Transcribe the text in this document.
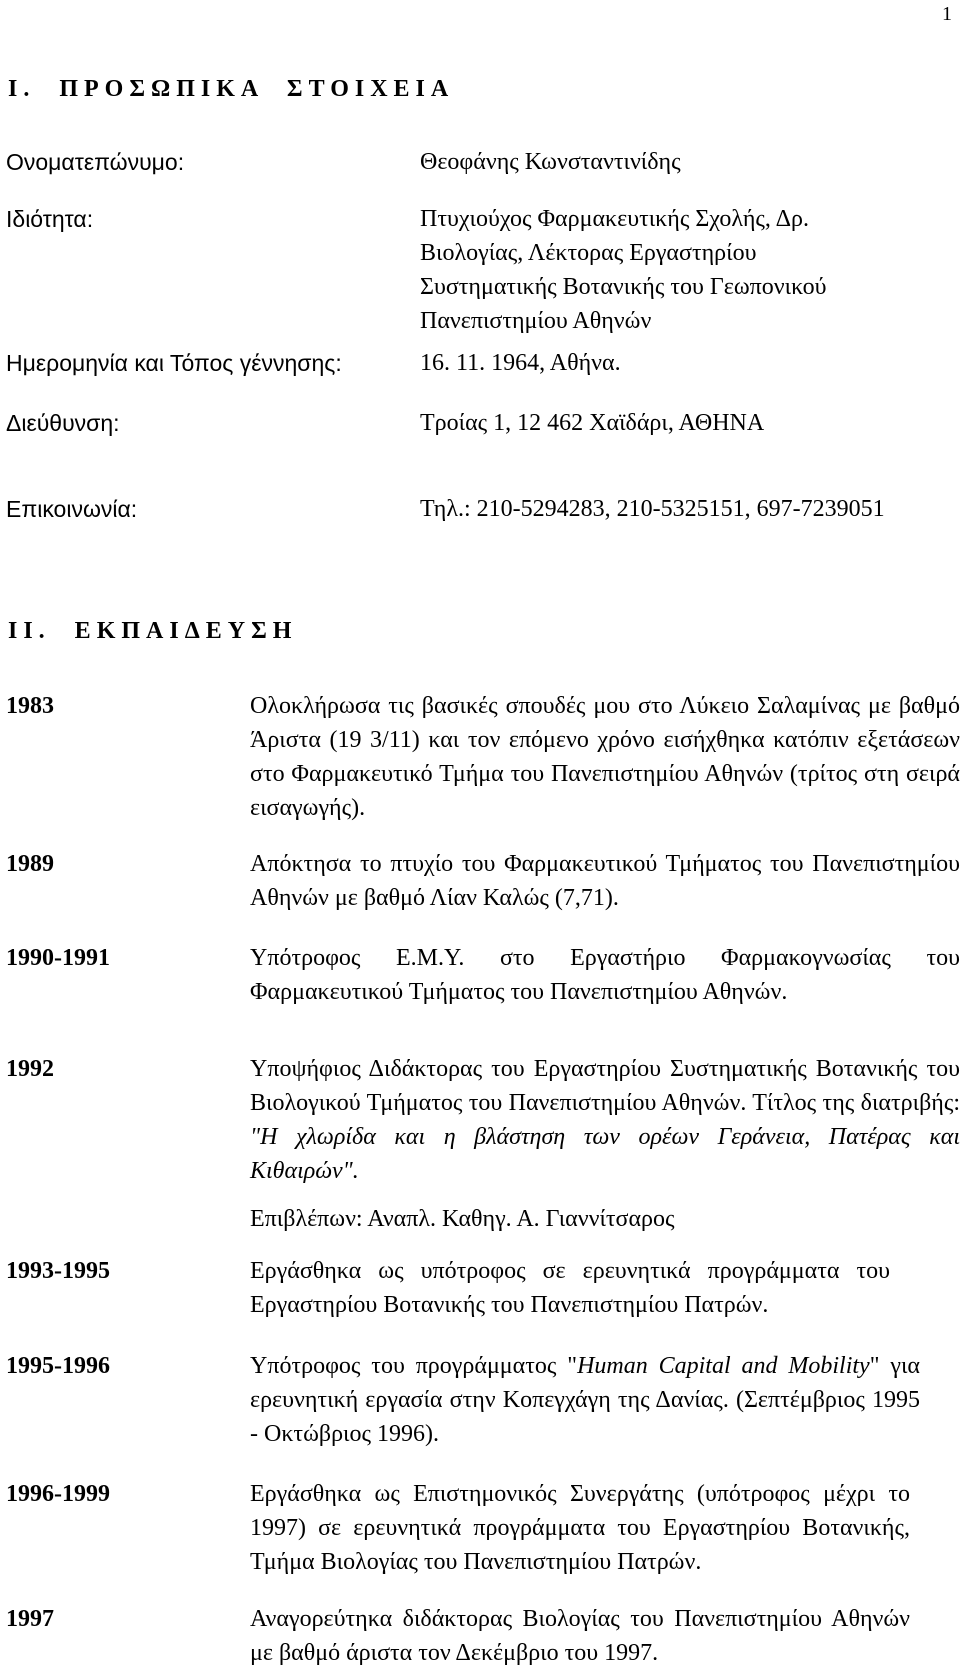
1
Ι.  ΠΡΟΣΩΠΙΚΑ  ΣΤΟΙΧΕΙΑ
Ονοματεπώνυμο:	Θεοφάνης Κωνσταντινίδης
Ιδιότητα:	Πτυχιούχος Φαρμακευτικής Σχολής, Δρ. Βιολογίας, Λέκτορας Εργαστηρίου Συστηματικής Βοτανικής του Γεωπονικού Πανεπιστημίου Αθηνών
Ημερομηνία και Τόπος γέννησης:	16. 11. 1964, Αθήνα.
Διεύθυνση:	Τροίας 1, 12 462 Χαϊδάρι, ΑΘΗΝΑ
Επικοινωνία:	Τηλ.: 210-5294283, 210-5325151, 697-7239051
ΙΙ.  ΕΚΠΑΙΔΕΥΣΗ
1983	Ολοκλήρωσα τις βασικές σπουδές μου στο Λύκειο Σαλαμίνας με βαθμό Άριστα (19 3/11) και τον επόμενο χρόνο εισήχθηκα κατόπιν εξετάσεων στο Φαρμακευτικό Τμήμα του Πανεπιστημίου Αθηνών (τρίτος στη σειρά εισαγωγής).

1989	Απόκτησα το πτυχίο του Φαρμακευτικού Τμήματος του Πανεπιστημίου Αθηνών με βαθμό Λίαν Καλώς (7,71).

1990-1991	Υπότροφος Ε.Μ.Υ. στο Εργαστήριο Φαρμακογνωσίας του Φαρμακευτικού Τμήματος του Πανεπιστημίου Αθηνών.

1992	Υποψήφιος Διδάκτορας του Εργαστηρίου Συστηματικής Βοτανικής του Βιολογικού Τμήματος του Πανεπιστημίου Αθηνών. Τίτλος της διατριβής: "Η χλωρίδα και η βλάστηση των ορέων Γεράνεια, Πατέρας και Κιθαιρών".

Επιβλέπων: Αναπλ. Καθηγ. Α. Γιαννίτσαρος

1993-1995	Εργάσθηκα ως υπότροφος σε ερευνητικά προγράμματα του Εργαστηρίου Βοτανικής του Πανεπιστημίου Πατρών.

1995-1996	Υπότροφος του προγράμματος "Human Capital and Mobility" για ερευνητική εργασία στην Κοπεγχάγη της Δανίας. (Σεπτέμβριος 1995 - Οκτώβριος 1996).

1996-1999	Εργάσθηκα ως Επιστημονικός Συνεργάτης (υπότροφος μέχρι το 1997) σε ερευνητικά προγράμματα του Εργαστηρίου Βοτανικής, Τμήμα Βιολογίας του Πανεπιστημίου Πατρών.

1997	Αναγορεύτηκα διδάκτορας Βιολογίας του Πανεπιστημίου Αθηνών με βαθμό άριστα τον Δεκέμβριο του 1997.
